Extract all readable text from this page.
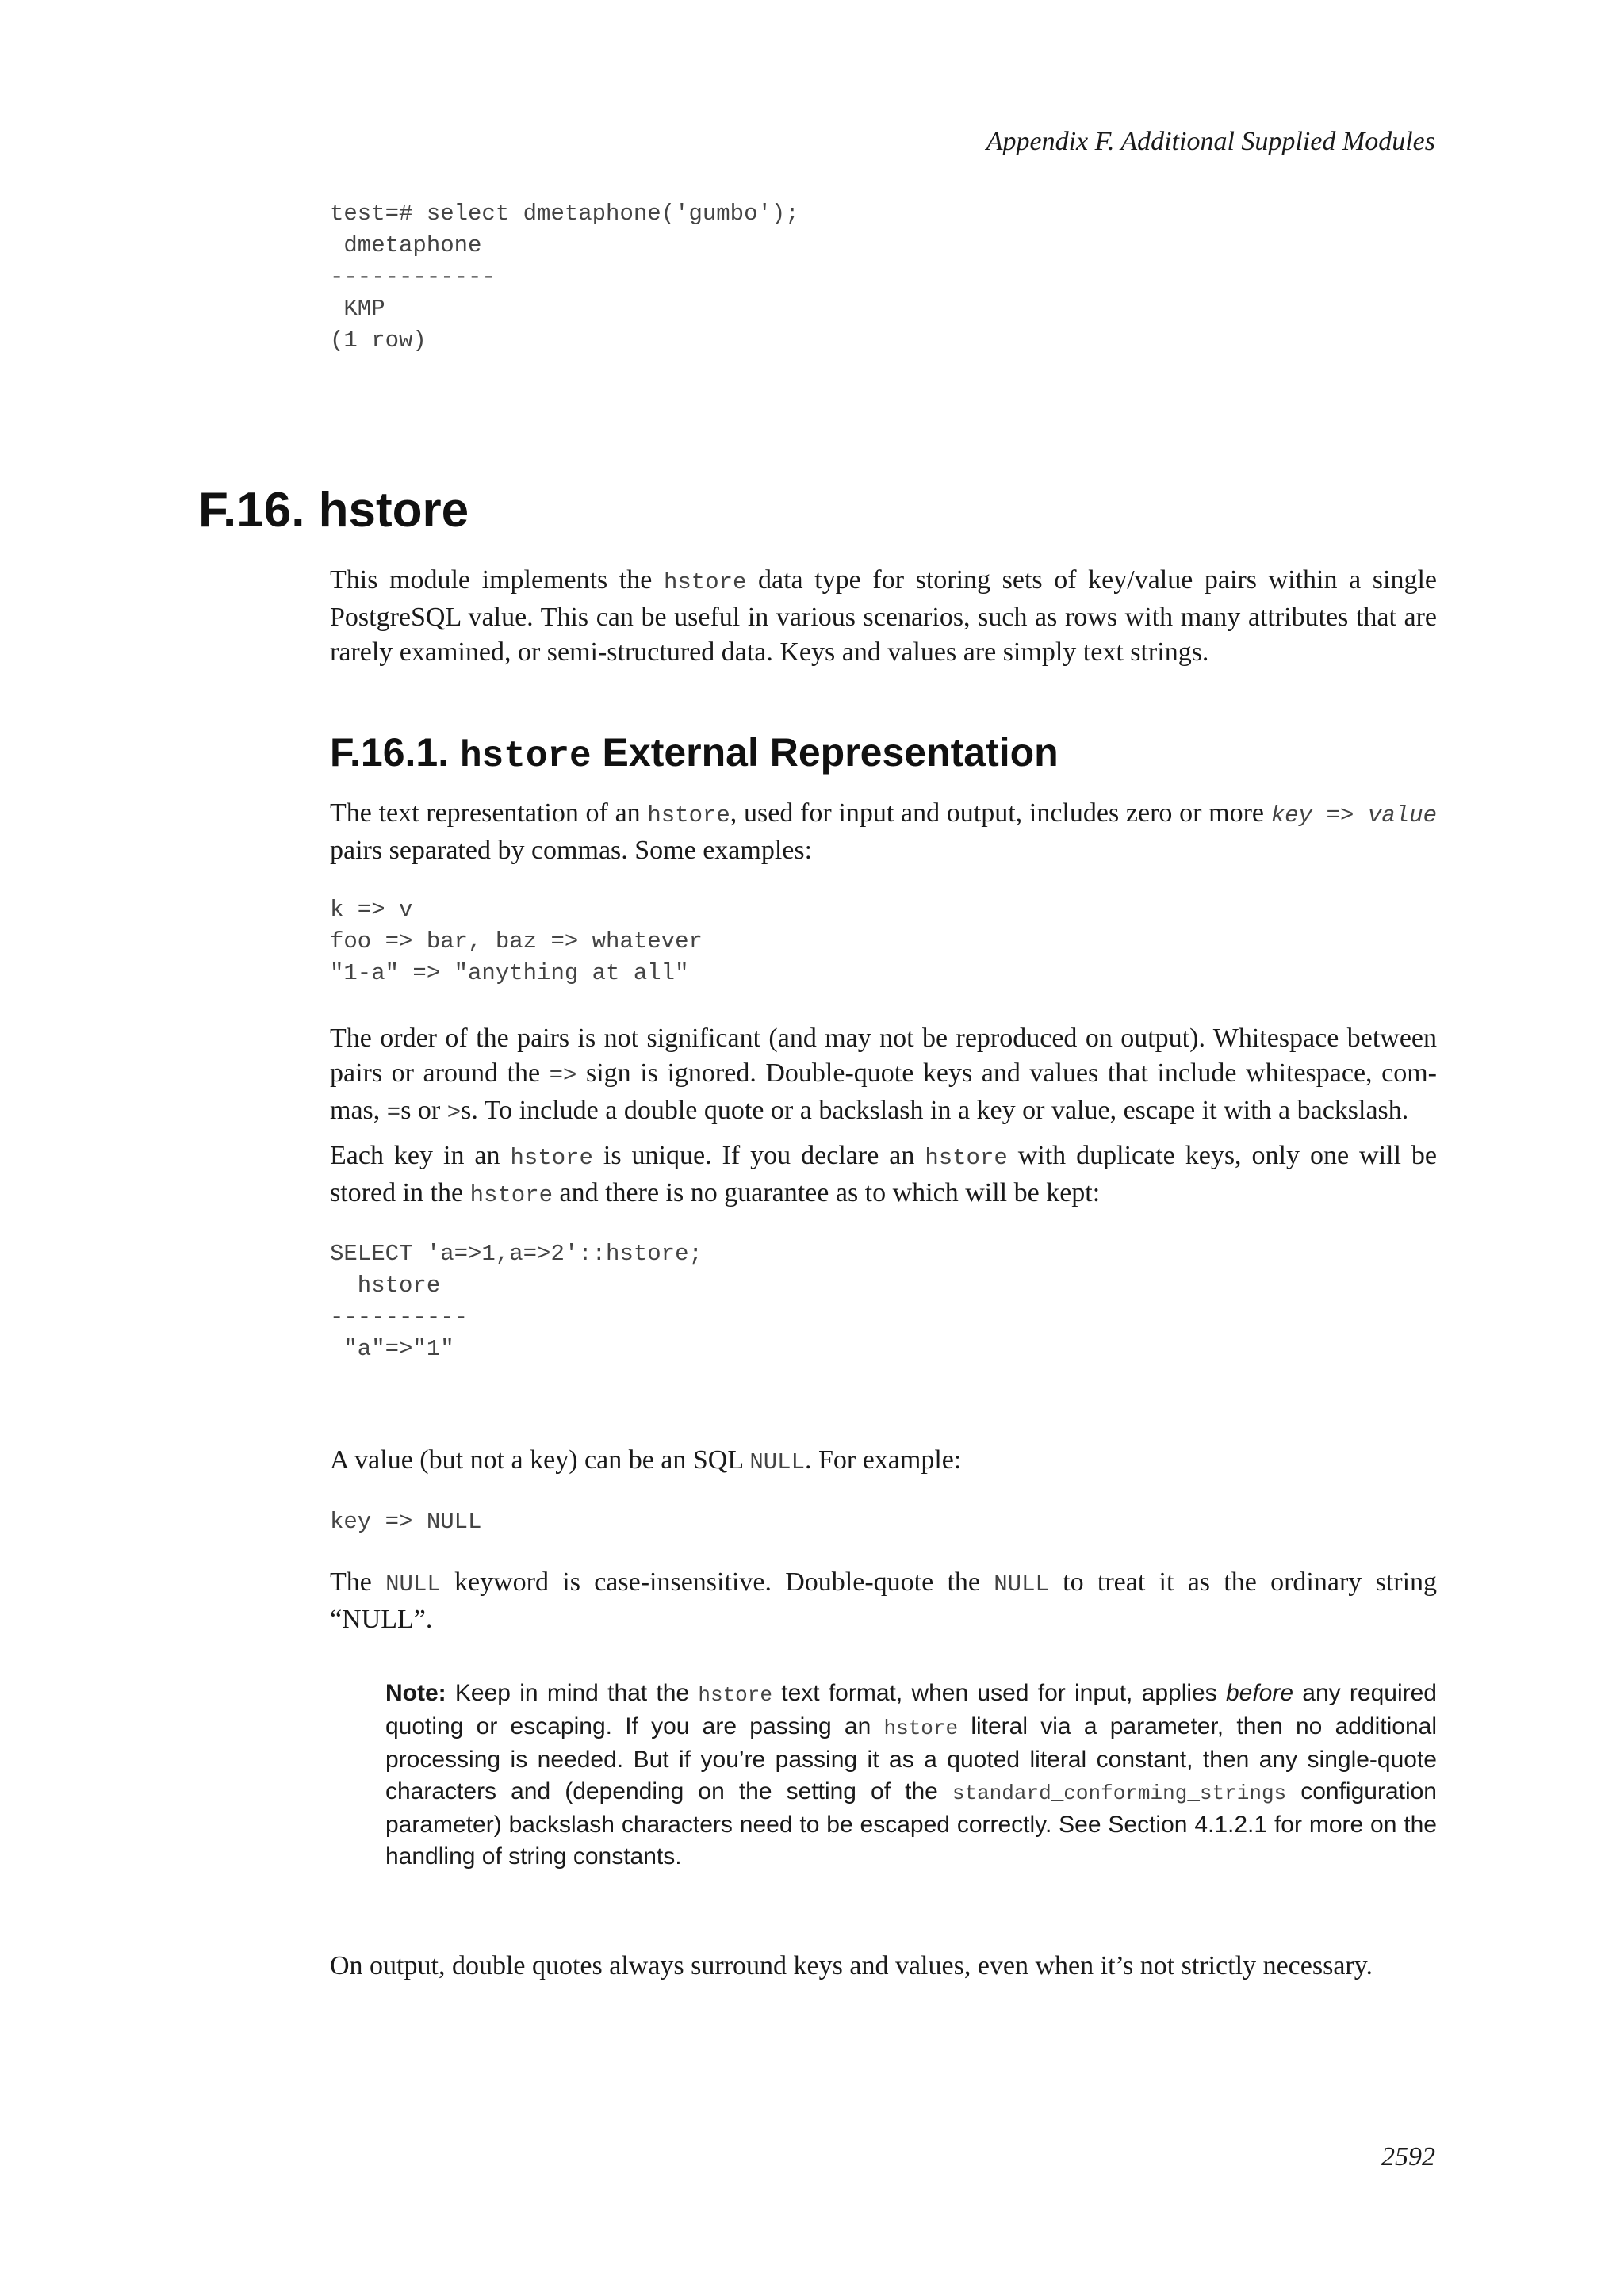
Appendix F. Additional Supplied Modules
test=# select dmetaphone('gumbo');
dmetaphone
------------
KMP
(1 row)
F.16. hstore

This module implements the hstore data type for storing sets of key/value pairs within a single PostgreSQL value. This can be useful in various scenarios, such as rows with many attributes that are rarely examined, or semi-structured data. Keys and values are simply text strings.

F.16.1. hstore External Representation

The text representation of an hstore, used for input and output, includes zero or more key => value pairs separated by commas. Some examples:

k => v
foo => bar, baz => whatever
"1-a" => "anything at all"

The order of the pairs is not significant (and may not be reproduced on output). Whitespace between pairs or around the => sign is ignored. Double-quote keys and values that include whitespace, com-mas, =s or >s. To include a double quote or a backslash in a key or value, escape it with a backslash.

Each key in an hstore is unique. If you declare an hstore with duplicate keys, only one will be stored in the hstore and there is no guarantee as to which will be kept:

SELECT 'a=>1,a=>2'::hstore;
hstore
----------
"a"=>"1"

A value (but not a key) can be an SQL NULL. For example:

key => NULL

The NULL keyword is case-insensitive. Double-quote the NULL to treat it as the ordinary string “NULL”.

Note: Keep in mind that the hstore text format, when used for input, applies before any required quoting or escaping. If you are passing an hstore literal via a parameter, then no additional processing is needed. But if you’re passing it as a quoted literal constant, then any single-quote characters and (depending on the setting of the standard_conforming_strings configuration parameter) backslash characters need to be escaped correctly. See Section 4.1.2.1 for more on the handling of string constants.

On output, double quotes always surround keys and values, even when it’s not strictly necessary.

2592
